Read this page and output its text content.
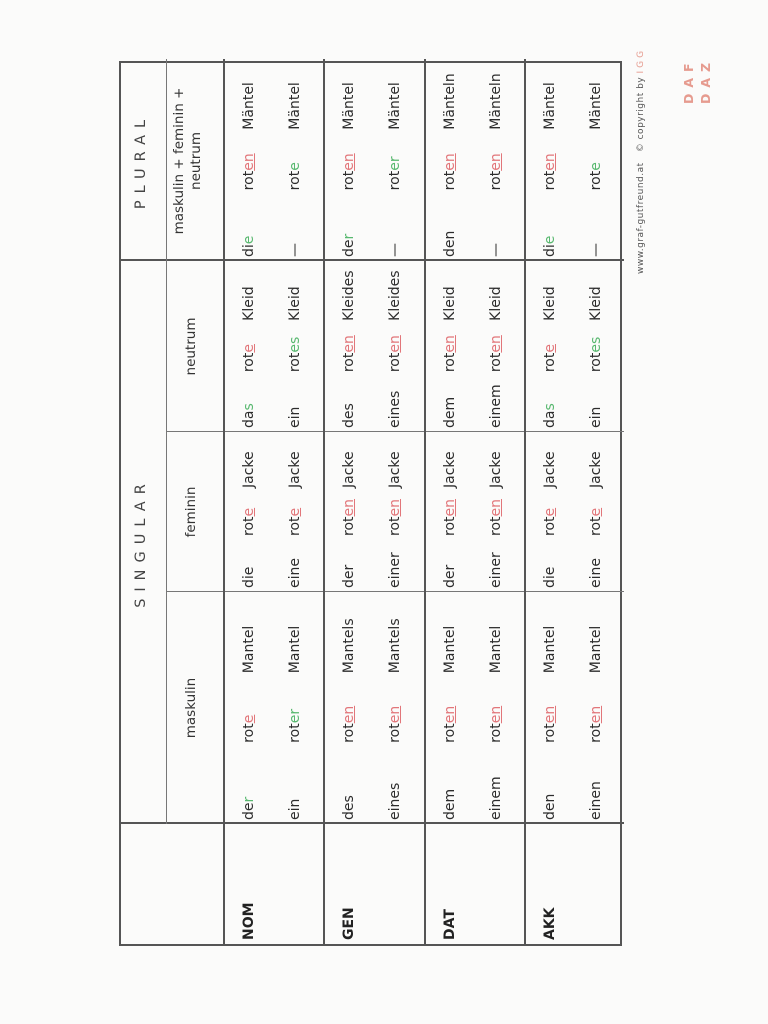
SINGULAR
PLURAL
maskulin
feminin
neutrum
maskulin + feminin + neutrum
NOM
der
rote
Mantel
die
rote
Jacke
das
rote
Kleid
die
roten
Mäntel
ein
roter
Mantel
eine
rote
Jacke
ein
rotes
Kleid
—
rote
Mäntel
GEN
des
roten
Mantels
der
roten
Jacke
des
roten
Kleides
der
roten
Mäntel
eines
roten
Mantels
einer
roten
Jacke
eines
roten
Kleides
—
roter
Mäntel
DAT
dem
roten
Mantel
der
roten
Jacke
dem
roten
Kleid
den
roten
Mänteln
einem
roten
Mantel
einer
roten
Jacke
einem
roten
Kleid
—
roten
Mänteln
AKK
den
roten
Mantel
die
rote
Jacke
das
rote
Kleid
die
roten
Mäntel
einen
roten
Mantel
eine
rote
Jacke
ein
rotes
Kleid
—
rote
Mäntel
DAF DAZ
www.graf-gutfreund.at   © copyright by IGG
